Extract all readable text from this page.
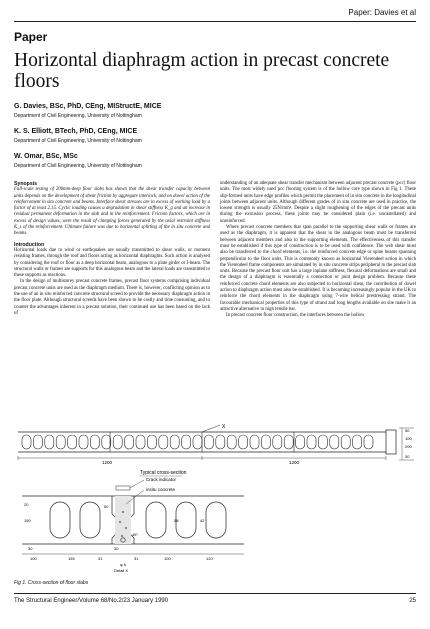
Paper: Davies et al
Paper
Horizontal diaphragm action in precast concrete floors
G. Davies, BSc, PhD, CEng, MIStructE, MICE
Department of Civil Engineering, University of Nottingham
K. S. Elliott, BTech, PhD, CEng, MICE
Department of Civil Engineering, University of Nottingham
W. Omar, BSc, MSc
Department of Civil Engineering, University of Nottingham
Synopsis

Full-scale testing of 200mm-deep floor slabs has shown that the shear transfer capacity between units depends on the development of shear friction by aggregate interlock, and on dowel action of the reinforcement in situ concrete and beams. Interface shear stresses are in excess of working load by a factor of at least 2.15. Cyclic loading causes a degradation in shear stiffness K_g and an increase in residual permanent deformation in the slab and in the reinforcement. Friction factors, which are in excess of design values, were the result of clamping forces generated by the axial restraint stiffness K_s of the reinforcement. Ultimate failure was due to horizontal splitting of the in situ concrete and beams.

Introduction

Horizontal loads due to wind or earthquakes are usually transmitted to shear walls, or moment resisting frames, through the roof and floors acting as horizontal diaphragms. Such action is analysed by considering the roof or floor as a deep horizontal beam, analogous to a plate girder or I-beam. The structural walls or frames are supports for this analogous beam and the lateral loads are transmitted to these supports as reactions.

In the design of multistorey precast concrete frames, precast floor systems comprising individual precast concrete units are used as the diaphragm medium. There is, however, conflicting opinion as to the use of an in situ reinforced concrete structural screed to provide the necessary diaphragm action in the floor plate. Although structural screeds have been shown to be costly and time consuming, and to counter the advantages inherent in a precast solution, their continued use has been based on the lack of

understanding of an adequate shear transfer mechanism between adjacent precast concrete (pcc) floor units. The most widely used pcc flooring system is of the hollow core type shown in Fig 1. These slip-formed units have edge profiles which permit the placement of in situ concrete in the longitudinal joints between adjacent units. Although different grades of in situ concrete are used in practice, the lowest strength is usually 25N/mm². Despite a slight roughening of the edges of the precast units during the extrusion process, these joints may be considered plain (i.e. uncastellated) and unreinforced.

Where precast concrete members that span parallel to the supporting shear walls or frames are used as the diaphragm, it is apparent that the shear in the analogous beam must be transferred between adjacent members and also to the supporting elements. The effectiveness of this transfer must be established if this type of construction is to be used with confidence. The web shear must also be transferred to the chord elements, i.e. the reinforced concrete edge or spine beams spanning perpendicular to the floor units. This is commonly known as horizontal Vierendeel action in which the Vierendeel frame components are simulated by in situ concrete strips peripheral to the precast slab units. Because the precast floor unit has a large inplane stiffness, flexural deformations are small and the design of a diaphragm is essentially a connection or joint design problem. Because these reinforced concrete chord elements are also subjected to horizontal shear, the contribution of dowel action to diaphragm action must also be established. It is becoming increasingly popular in the UK to reinforce the chord elements in the diaphragm using 7-wire helical prestressing strand. The favourable mechanical properties of this type of strand and long lengths available on site make it an attractive alternative to high tensile bar.

In precast concrete floor construction, the interfaces between the hollow

X
1200	1200
50
100
200
30
Typical cross-section
Crack indicator
insitu concrete
20	50
150	58	42
45°
30	30
100	155	31	31	100	120
φ 6
Detail X
Fig 1. Cross-section of floor slabs
The Structural Engineer/Volume 68/No.2/23 January 1990	25
